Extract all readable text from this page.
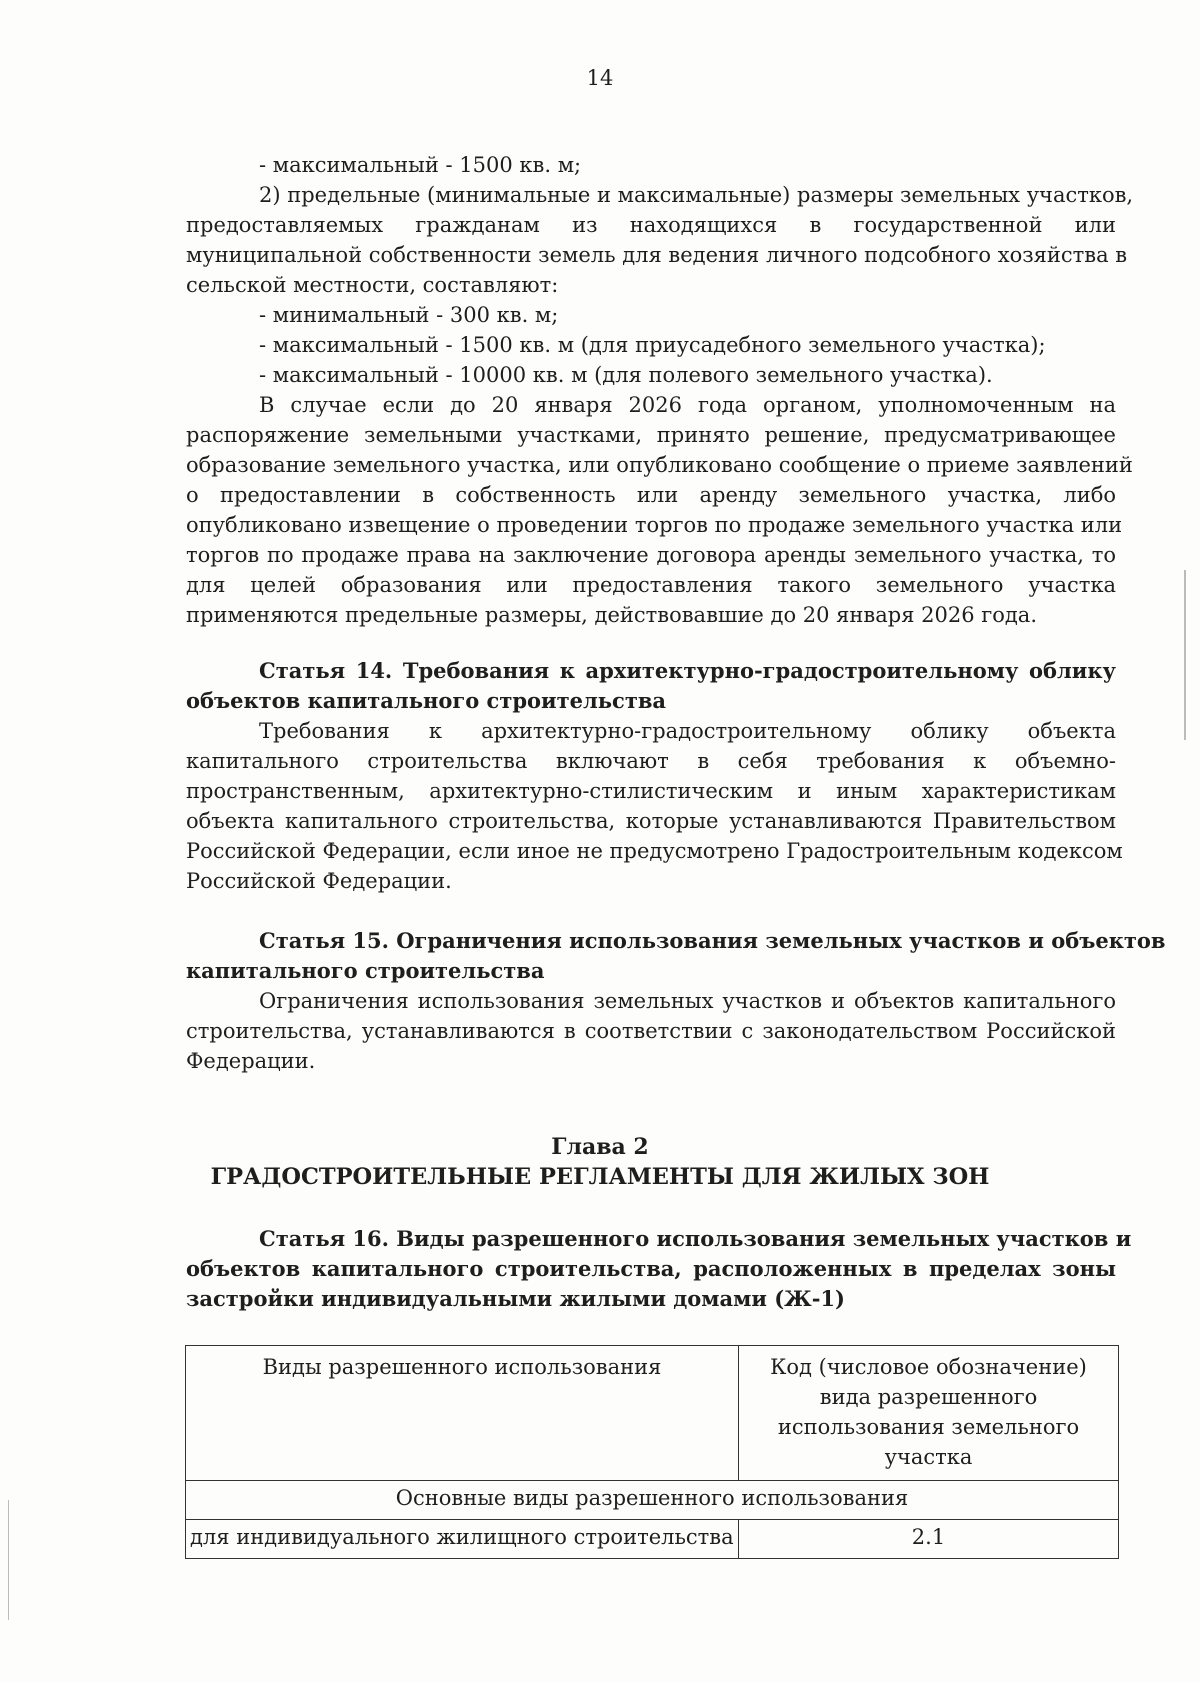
14
- максимальный - 1500 кв. м;
2) предельные (минимальные и максимальные) размеры земельных участков,
предоставляемых гражданам из находящихся в государственной или
муниципальной собственности земель для ведения личного подсобного хозяйства в
сельской местности, составляют:
- минимальный - 300 кв. м;
- максимальный - 1500 кв. м (для приусадебного земельного участка);
- максимальный - 10000 кв. м (для полевого земельного участка).
В случае если до 20 января 2026 года органом, уполномоченным на
распоряжение земельными участками, принято решение, предусматривающее
образование земельного участка, или опубликовано сообщение о приеме заявлений
о предоставлении в собственность или аренду земельного участка, либо
опубликовано извещение о проведении торгов по продаже земельного участка или
торгов по продаже права на заключение договора аренды земельного участка, то
для целей образования или предоставления такого земельного участка
применяются предельные размеры, действовавшие до 20 января 2026 года.
Статья 14. Требования к архитектурно-градостроительному облику
объектов капитального строительства
Требования к архитектурно-градостроительному облику объекта
капитального строительства включают в себя требования к объемно-
пространственным, архитектурно-стилистическим и иным характеристикам
объекта капитального строительства, которые устанавливаются Правительством
Российской Федерации, если иное не предусмотрено Градостроительным кодексом
Российской Федерации.
Статья 15. Ограничения использования земельных участков и объектов
капитального строительства
Ограничения использования земельных участков и объектов капитального
строительства, устанавливаются в соответствии с законодательством Российской
Федерации.
Глава 2
ГРАДОСТРОИТЕЛЬНЫЕ РЕГЛАМЕНТЫ ДЛЯ ЖИЛЫХ ЗОН
Статья 16. Виды разрешенного использования земельных участков и
объектов капитального строительства, расположенных в пределах зоны
застройки индивидуальными жилыми домами (Ж-1)
Виды разрешенного использования	Код (числовое обозначение)
вида разрешенного
использования земельного
участка

Основные виды разрешенного использования	
для индивидуального жилищного строительства	2.1
